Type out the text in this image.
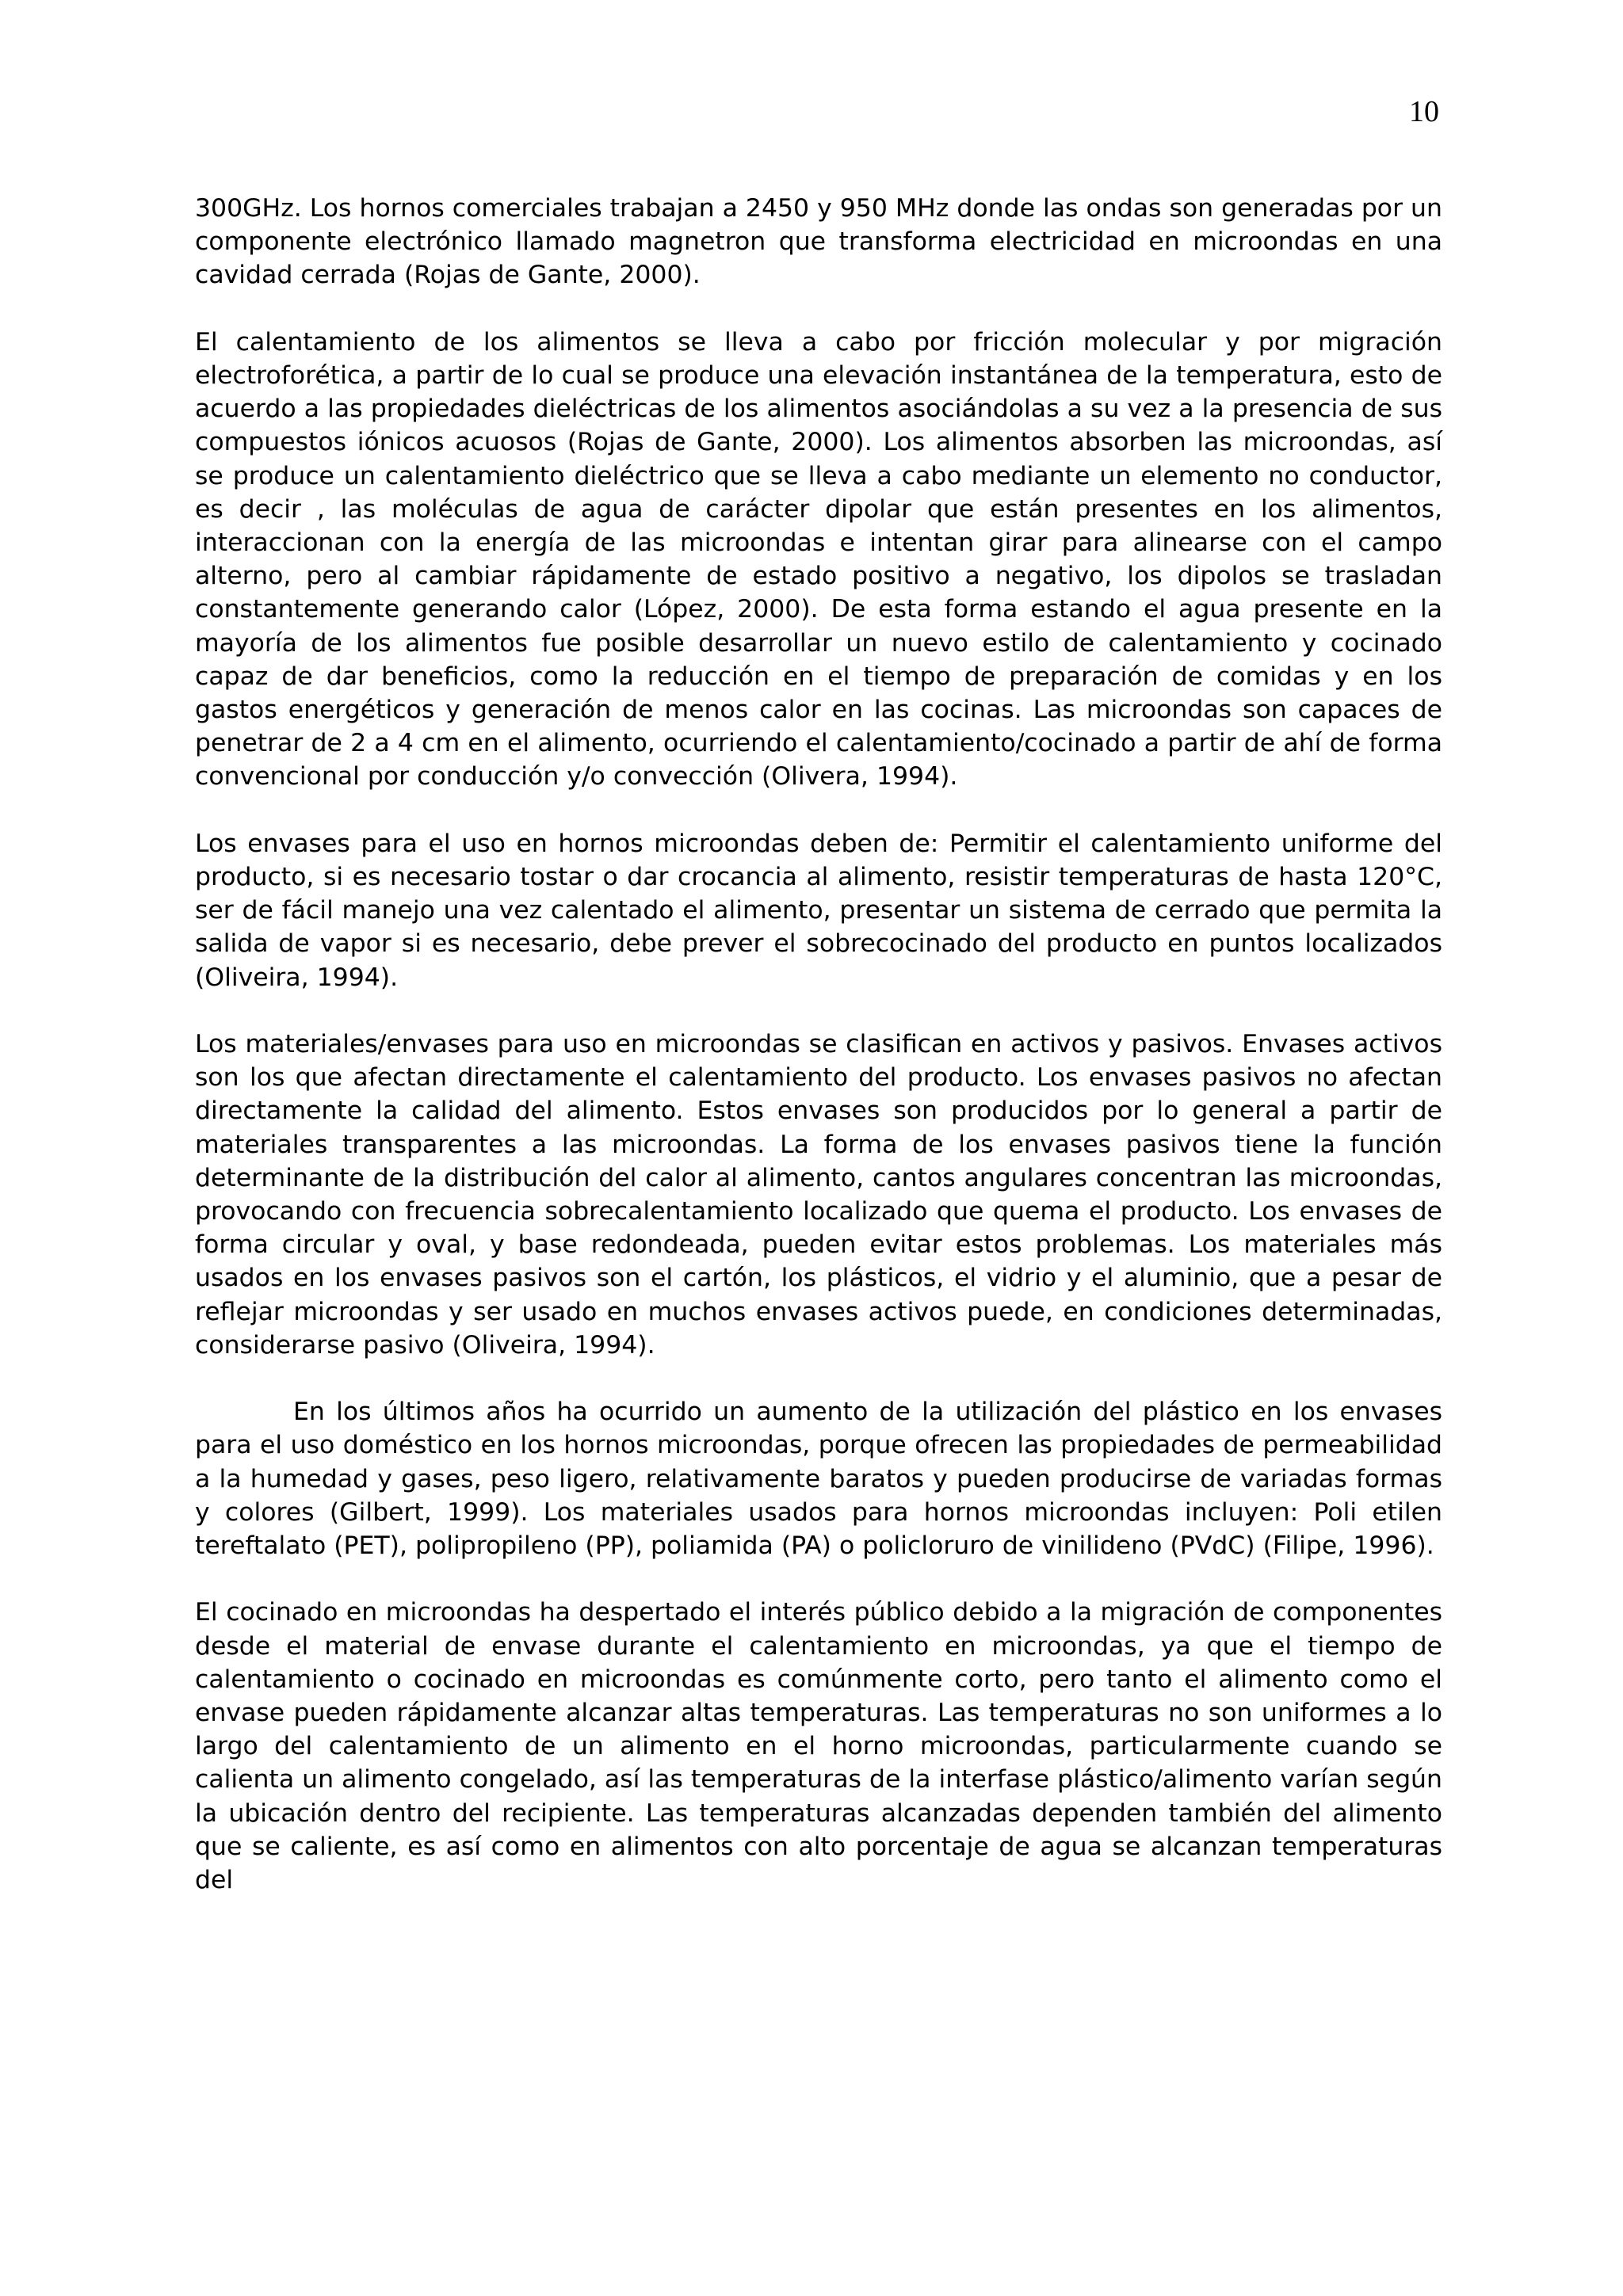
10

300GHz. Los hornos comerciales trabajan a 2450 y 950 MHz donde las ondas son generadas por un componente electrónico llamado magnetron que transforma electricidad en microondas en una cavidad cerrada (Rojas de Gante, 2000).

El calentamiento de los alimentos se lleva a cabo por fricción molecular y por migración electroforética, a partir de lo cual se produce una elevación instantánea de la temperatura, esto de acuerdo a las propiedades dieléctricas de los alimentos asociándolas a su vez a la presencia de sus compuestos iónicos acuosos (Rojas de Gante, 2000). Los alimentos absorben las microondas, así se produce un calentamiento dieléctrico que se lleva a cabo mediante un elemento no conductor, es decir , las moléculas de agua de carácter dipolar que están presentes en los alimentos, interaccionan con la energía de las microondas e intentan girar para alinearse con el campo alterno, pero al cambiar rápidamente de estado positivo a negativo, los dipolos se trasladan constantemente generando calor (López, 2000). De esta forma estando el agua presente en la mayoría de los alimentos fue posible desarrollar un nuevo estilo de calentamiento y cocinado capaz de dar beneficios, como la reducción en el tiempo de preparación de comidas y en los gastos energéticos y generación de menos calor en las cocinas. Las microondas son capaces de penetrar de 2 a 4 cm en el alimento, ocurriendo el calentamiento/cocinado a partir de ahí de forma convencional por conducción y/o convección (Olivera, 1994).

Los envases para el uso en hornos microondas deben de: Permitir el calentamiento uniforme del producto, si es necesario tostar o dar crocancia al alimento, resistir temperaturas de hasta 120°C, ser de fácil manejo una vez calentado el alimento, presentar un sistema de cerrado que permita la salida de vapor si es necesario, debe prever el sobrecocinado del producto en puntos localizados (Oliveira, 1994).

Los materiales/envases para uso en microondas se clasifican en activos y pasivos. Envases activos son los que afectan directamente el calentamiento del producto. Los envases pasivos no afectan directamente la calidad del alimento. Estos envases son producidos por lo general a partir de materiales transparentes a las microondas. La forma de los envases pasivos tiene la función determinante de la distribución del calor al alimento, cantos angulares concentran las microondas, provocando con frecuencia sobrecalentamiento localizado que quema el producto. Los envases de forma circular y oval, y base redondeada, pueden evitar estos problemas. Los materiales más usados en los envases pasivos son el cartón, los plásticos, el vidrio y el aluminio, que a pesar de reflejar microondas y ser usado en muchos envases activos puede, en condiciones determinadas, considerarse pasivo (Oliveira, 1994).

En los últimos años ha ocurrido un aumento de la utilización del plástico en los envases para el uso doméstico en los hornos microondas, porque ofrecen las propiedades de permeabilidad a la humedad y gases, peso ligero, relativamente baratos y pueden producirse de variadas formas y colores (Gilbert, 1999). Los materiales usados para hornos microondas incluyen: Poli etilen tereftalato (PET), polipropileno (PP), poliamida (PA) o policloruro de vinilideno (PVdC) (Filipe, 1996).

El cocinado en microondas ha despertado el interés público debido a la migración de componentes desde el material de envase durante el calentamiento en microondas, ya que el tiempo de calentamiento o cocinado en microondas es comúnmente corto, pero tanto el alimento como el envase pueden rápidamente alcanzar altas temperaturas. Las temperaturas no son uniformes a lo largo del calentamiento de un alimento en el horno microondas, particularmente cuando se calienta un alimento congelado, así las temperaturas de la interfase plástico/alimento varían según la ubicación dentro del recipiente. Las temperaturas alcanzadas dependen también del alimento que se caliente, es así como en alimentos con alto porcentaje de agua se alcanzan temperaturas del
